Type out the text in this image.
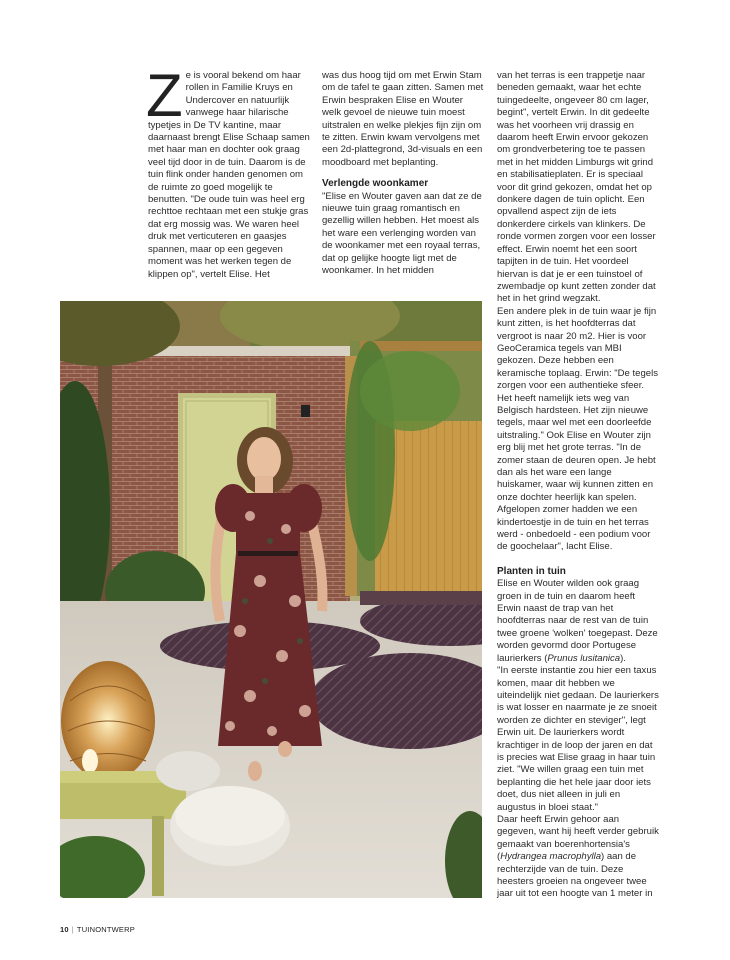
Ze is vooral bekend om haar rollen in Familie Kruys en Undercover en natuurlijk vanwege haar hilarische typetjes in De TV kantine, maar daarnaast brengt Elise Schaap samen met haar man en dochter ook graag veel tijd door in de tuin. Daarom is de tuin flink onder handen genomen om de ruimte zo goed mogelijk te benutten. "De oude tuin was heel erg rechttoe rechtaan met een stukje gras dat erg mossig was. We waren heel druk met verticuteren en gaasjes spannen, maar op een gegeven moment was het werken tegen de klippen op", vertelt Elise. Het

was dus hoog tijd om met Erwin Stam om de tafel te gaan zitten. Samen met Erwin bespraken Elise en Wouter welk gevoel de nieuwe tuin moest uitstralen en welke plekjes fijn zijn om te zitten. Erwin kwam vervolgens met een 2d-plattegrond, 3d-visuals en een moodboard met beplanting.

Verlengde woonkamer

"Elise en Wouter gaven aan dat ze de nieuwe tuin graag romantisch en gezellig willen hebben. Het moest als het ware een verlenging worden van de woonkamer met een royaal terras, dat op gelijke hoogte ligt met de woonkamer. In het midden

van het terras is een trappetje naar beneden gemaakt, waar het echte tuingedeelte, ongeveer 80 cm lager, begint", vertelt Erwin. In dit gedeelte was het voorheen vrij drassig en daarom heeft Erwin ervoor gekozen om grondverbetering toe te passen met in het midden Limburgs wit grind en stabilisatieplaten. Er is speciaal voor dit grind gekozen, omdat het op donkere dagen de tuin oplicht. Een opvallend aspect zijn de iets donkerdere cirkels van klinkers. De ronde vormen zorgen voor een losser effect. Erwin noemt het een soort tapijten in de tuin. Het voordeel hiervan is dat je er een tuinstoel of zwembadje op kunt zetten zonder dat het in het grind wegzakt.

Een andere plek in de tuin waar je fijn kunt zitten, is het hoofdterras dat vergroot is naar 20 m2. Hier is voor GeoCeramica tegels van MBI gekozen. Deze hebben een keramische toplaag. Erwin: "De tegels zorgen voor een authentieke sfeer. Het heeft namelijk iets weg van Belgisch hardsteen. Het zijn nieuwe tegels, maar wel met een doorleefde uitstraling." Ook Elise en Wouter zijn erg blij met het grote terras. "In de zomer staan de deuren open. Je hebt dan als het ware een lange huiskamer, waar wij kunnen zitten en onze dochter heerlijk kan spelen. Afgelopen zomer hadden we een kindertoestje in de tuin en het terras werd - onbedoeld - een podium voor de goochelaar", lacht Elise.

Planten in tuin

Elise en Wouter wilden ook graag groen in de tuin en daarom heeft Erwin naast de trap van het hoofdterras naar de rest van de tuin twee groene 'wolken' toegepast. Deze worden gevormd door Portugese laurierkers (Prunus lusitanica).

"In eerste instantie zou hier een taxus komen, maar dit hebben we uiteindelijk niet gedaan. De laurierkers is wat losser en naarmate je ze snoeit worden ze dichter en steviger", legt Erwin uit. De laurierkers wordt krachtiger in de loop der jaren en dat is precies wat Elise graag in haar tuin ziet. "We willen graag een tuin met beplanting die het hele jaar door iets doet, dus niet alleen in juli en augustus in bloei staat."

Daar heeft Erwin gehoor aan gegeven, want hij heeft verder gebruik gemaakt van boerenhortensia's (Hydrangea macrophylla) aan de rechterzijde van de tuin. Deze heesters groeien na ongeveer twee jaar uit tot een hoogte van 1 meter in

10 | TUINONTWERP
